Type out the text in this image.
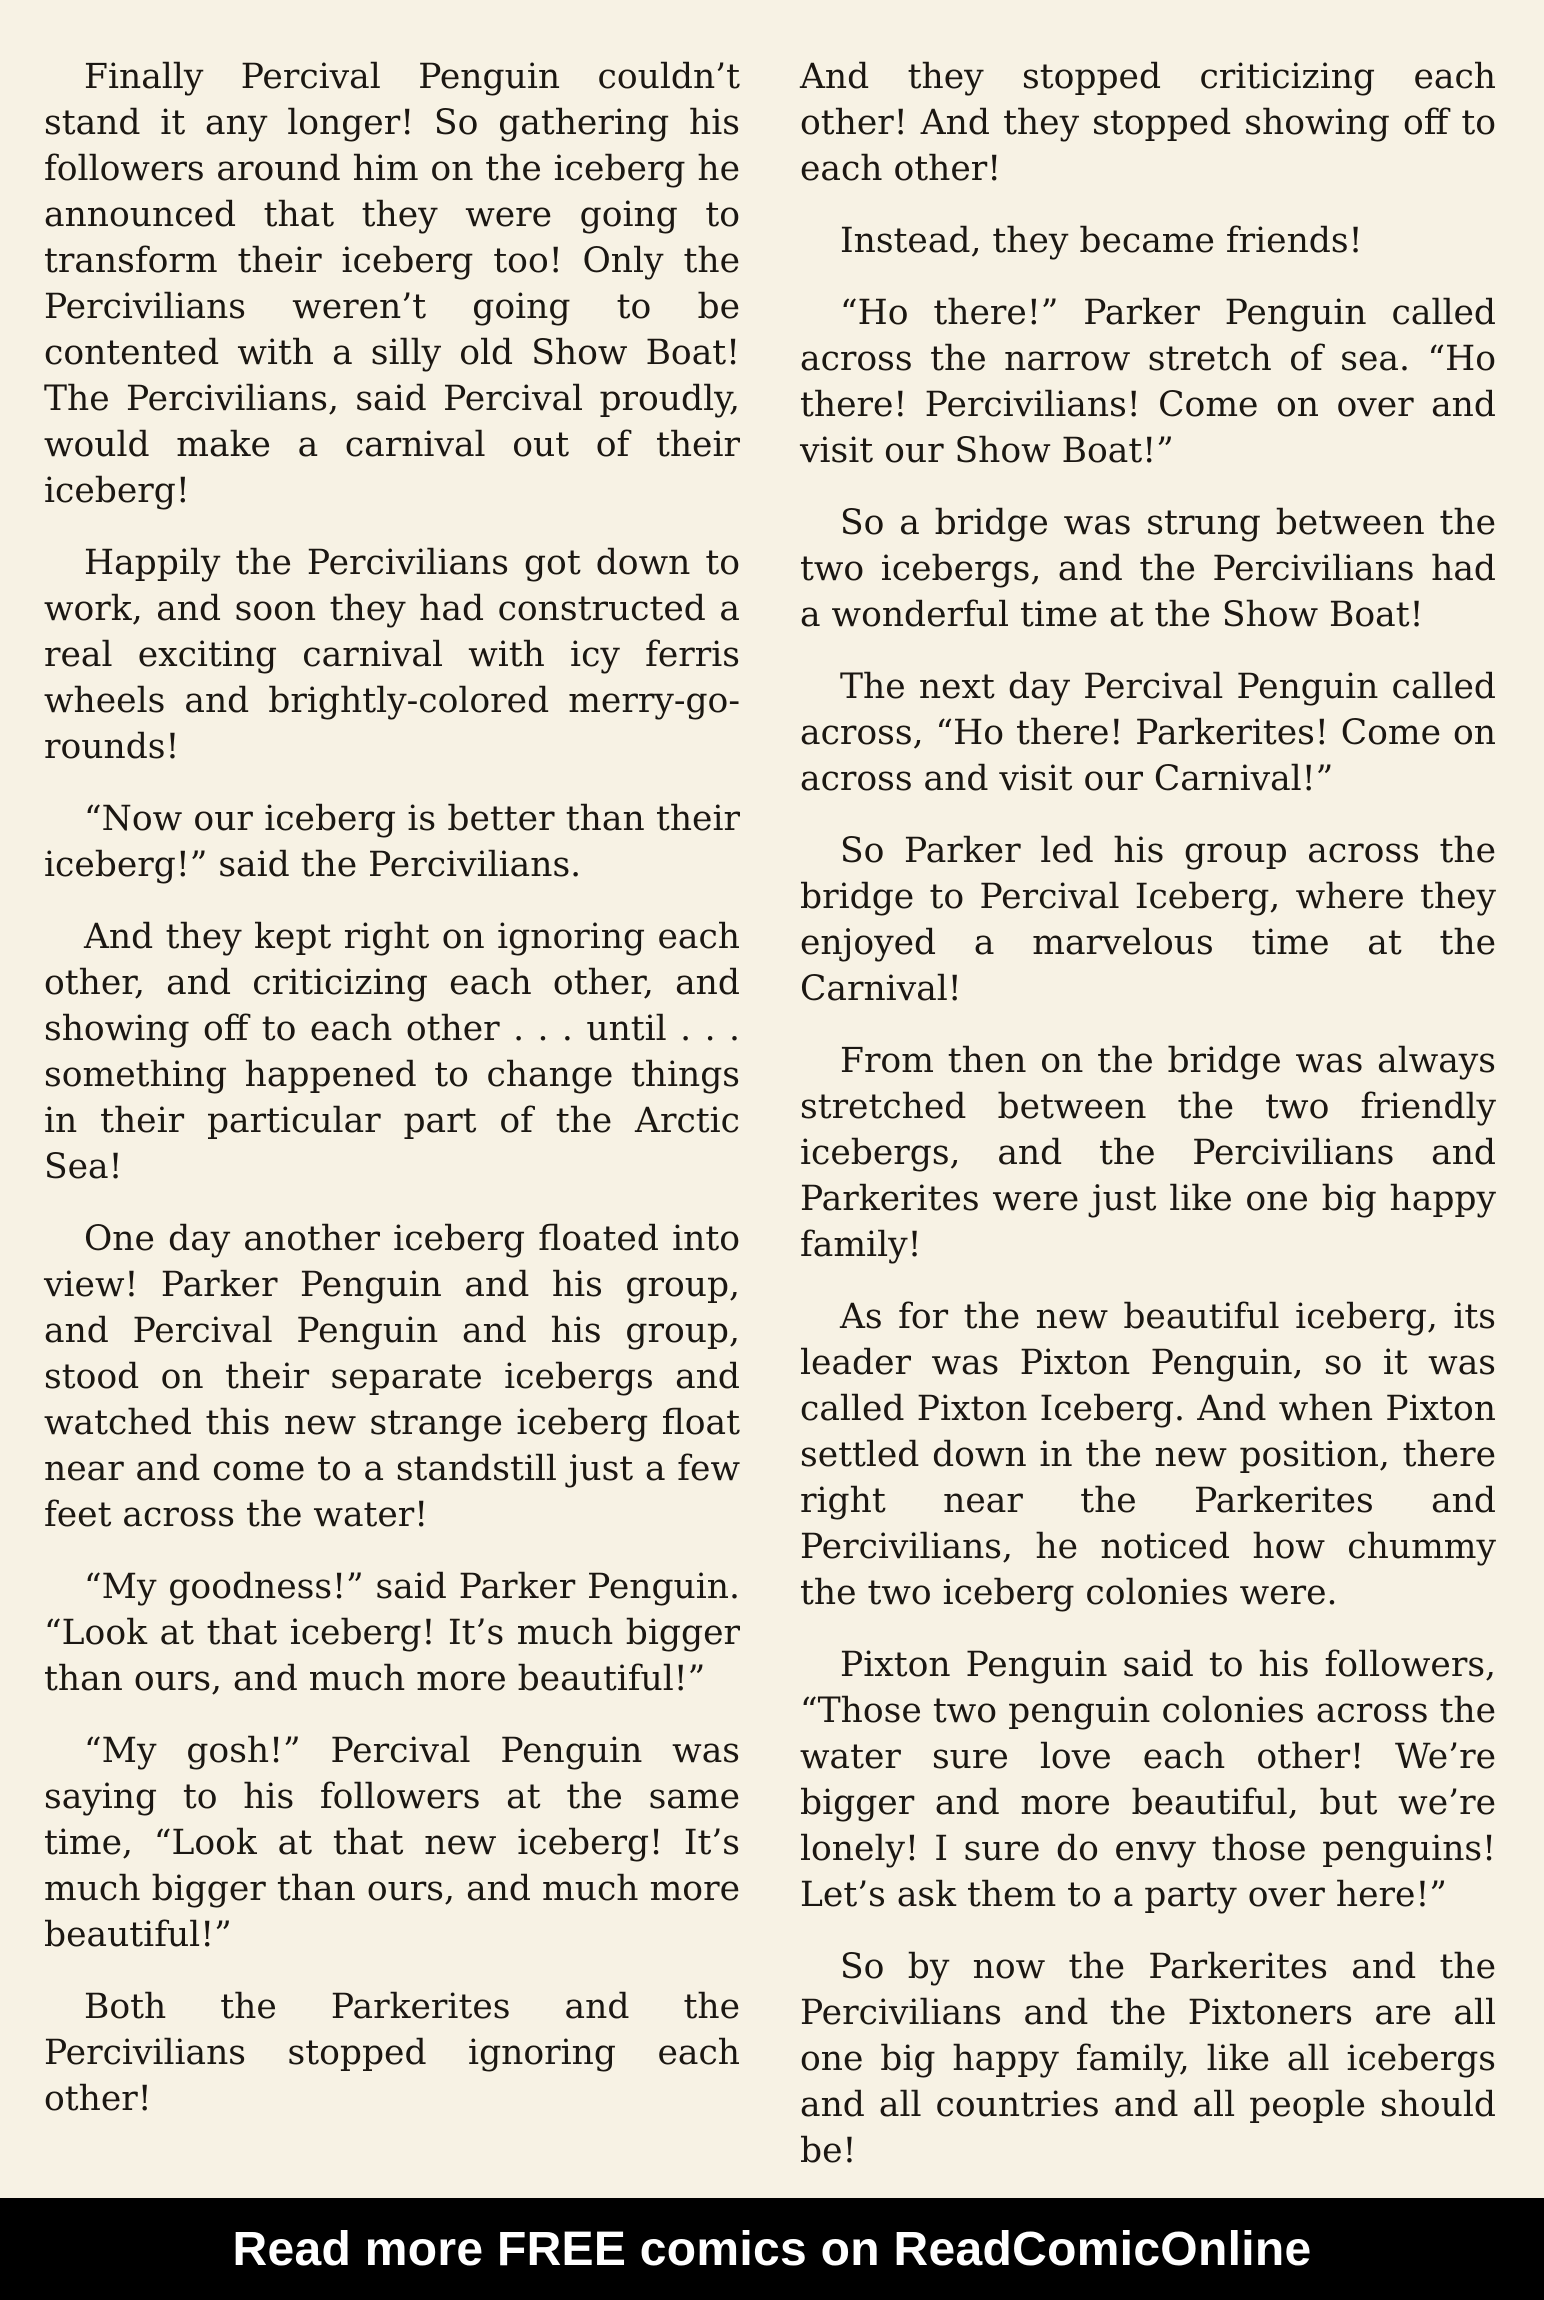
Finally Percival Penguin couldn’t stand it any longer! So gathering his followers around him on the iceberg he announced that they were going to transform their iceberg too! Only the Percivilians weren’t going to be contented with a silly old Show Boat! The Percivilians, said Percival proudly, would make a carnival out of their iceberg!

Happily the Percivilians got down to work, and soon they had constructed a real exciting carnival with icy ferris wheels and brightly-colored merry-go-rounds!

“Now our iceberg is better than their iceberg!” said the Percivilians.

And they kept right on ignoring each other, and criticizing each other, and showing off to each other . . . until . . . something happened to change things in their particular part of the Arctic Sea!

One day another iceberg floated into view! Parker Penguin and his group, and Percival Penguin and his group, stood on their separate icebergs and watched this new strange iceberg float near and come to a standstill just a few feet across the water!

“My goodness!” said Parker Penguin. “Look at that iceberg! It’s much bigger than ours, and much more beautiful!”

“My gosh!” Percival Penguin was saying to his followers at the same time, “Look at that new iceberg! It’s much bigger than ours, and much more beautiful!”

Both the Parkerites and the Percivilians stopped ignoring each other!

And they stopped criticizing each other! And they stopped showing off to each other!

Instead, they became friends!

“Ho there!” Parker Penguin called across the narrow stretch of sea. “Ho there! Percivilians! Come on over and visit our Show Boat!”

So a bridge was strung between the two icebergs, and the Percivilians had a wonderful time at the Show Boat!

The next day Percival Penguin called across, “Ho there! Parkerites! Come on across and visit our Carnival!”

So Parker led his group across the bridge to Percival Iceberg, where they enjoyed a marvelous time at the Carnival!

From then on the bridge was always stretched between the two friendly icebergs, and the Percivilians and Parkerites were just like one big happy family!

As for the new beautiful iceberg, its leader was Pixton Penguin, so it was called Pixton Iceberg. And when Pixton settled down in the new position, there right near the Parkerites and Percivilians, he noticed how chummy the two iceberg colonies were.

Pixton Penguin said to his followers, “Those two penguin colonies across the water sure love each other! We’re bigger and more beautiful, but we’re lonely! I sure do envy those penguins! Let’s ask them to a party over here!”

So by now the Parkerites and the Percivilians and the Pixtoners are all one big happy family, like all icebergs and all countries and all people should be!

Read more FREE comics on ReadComicOnline
